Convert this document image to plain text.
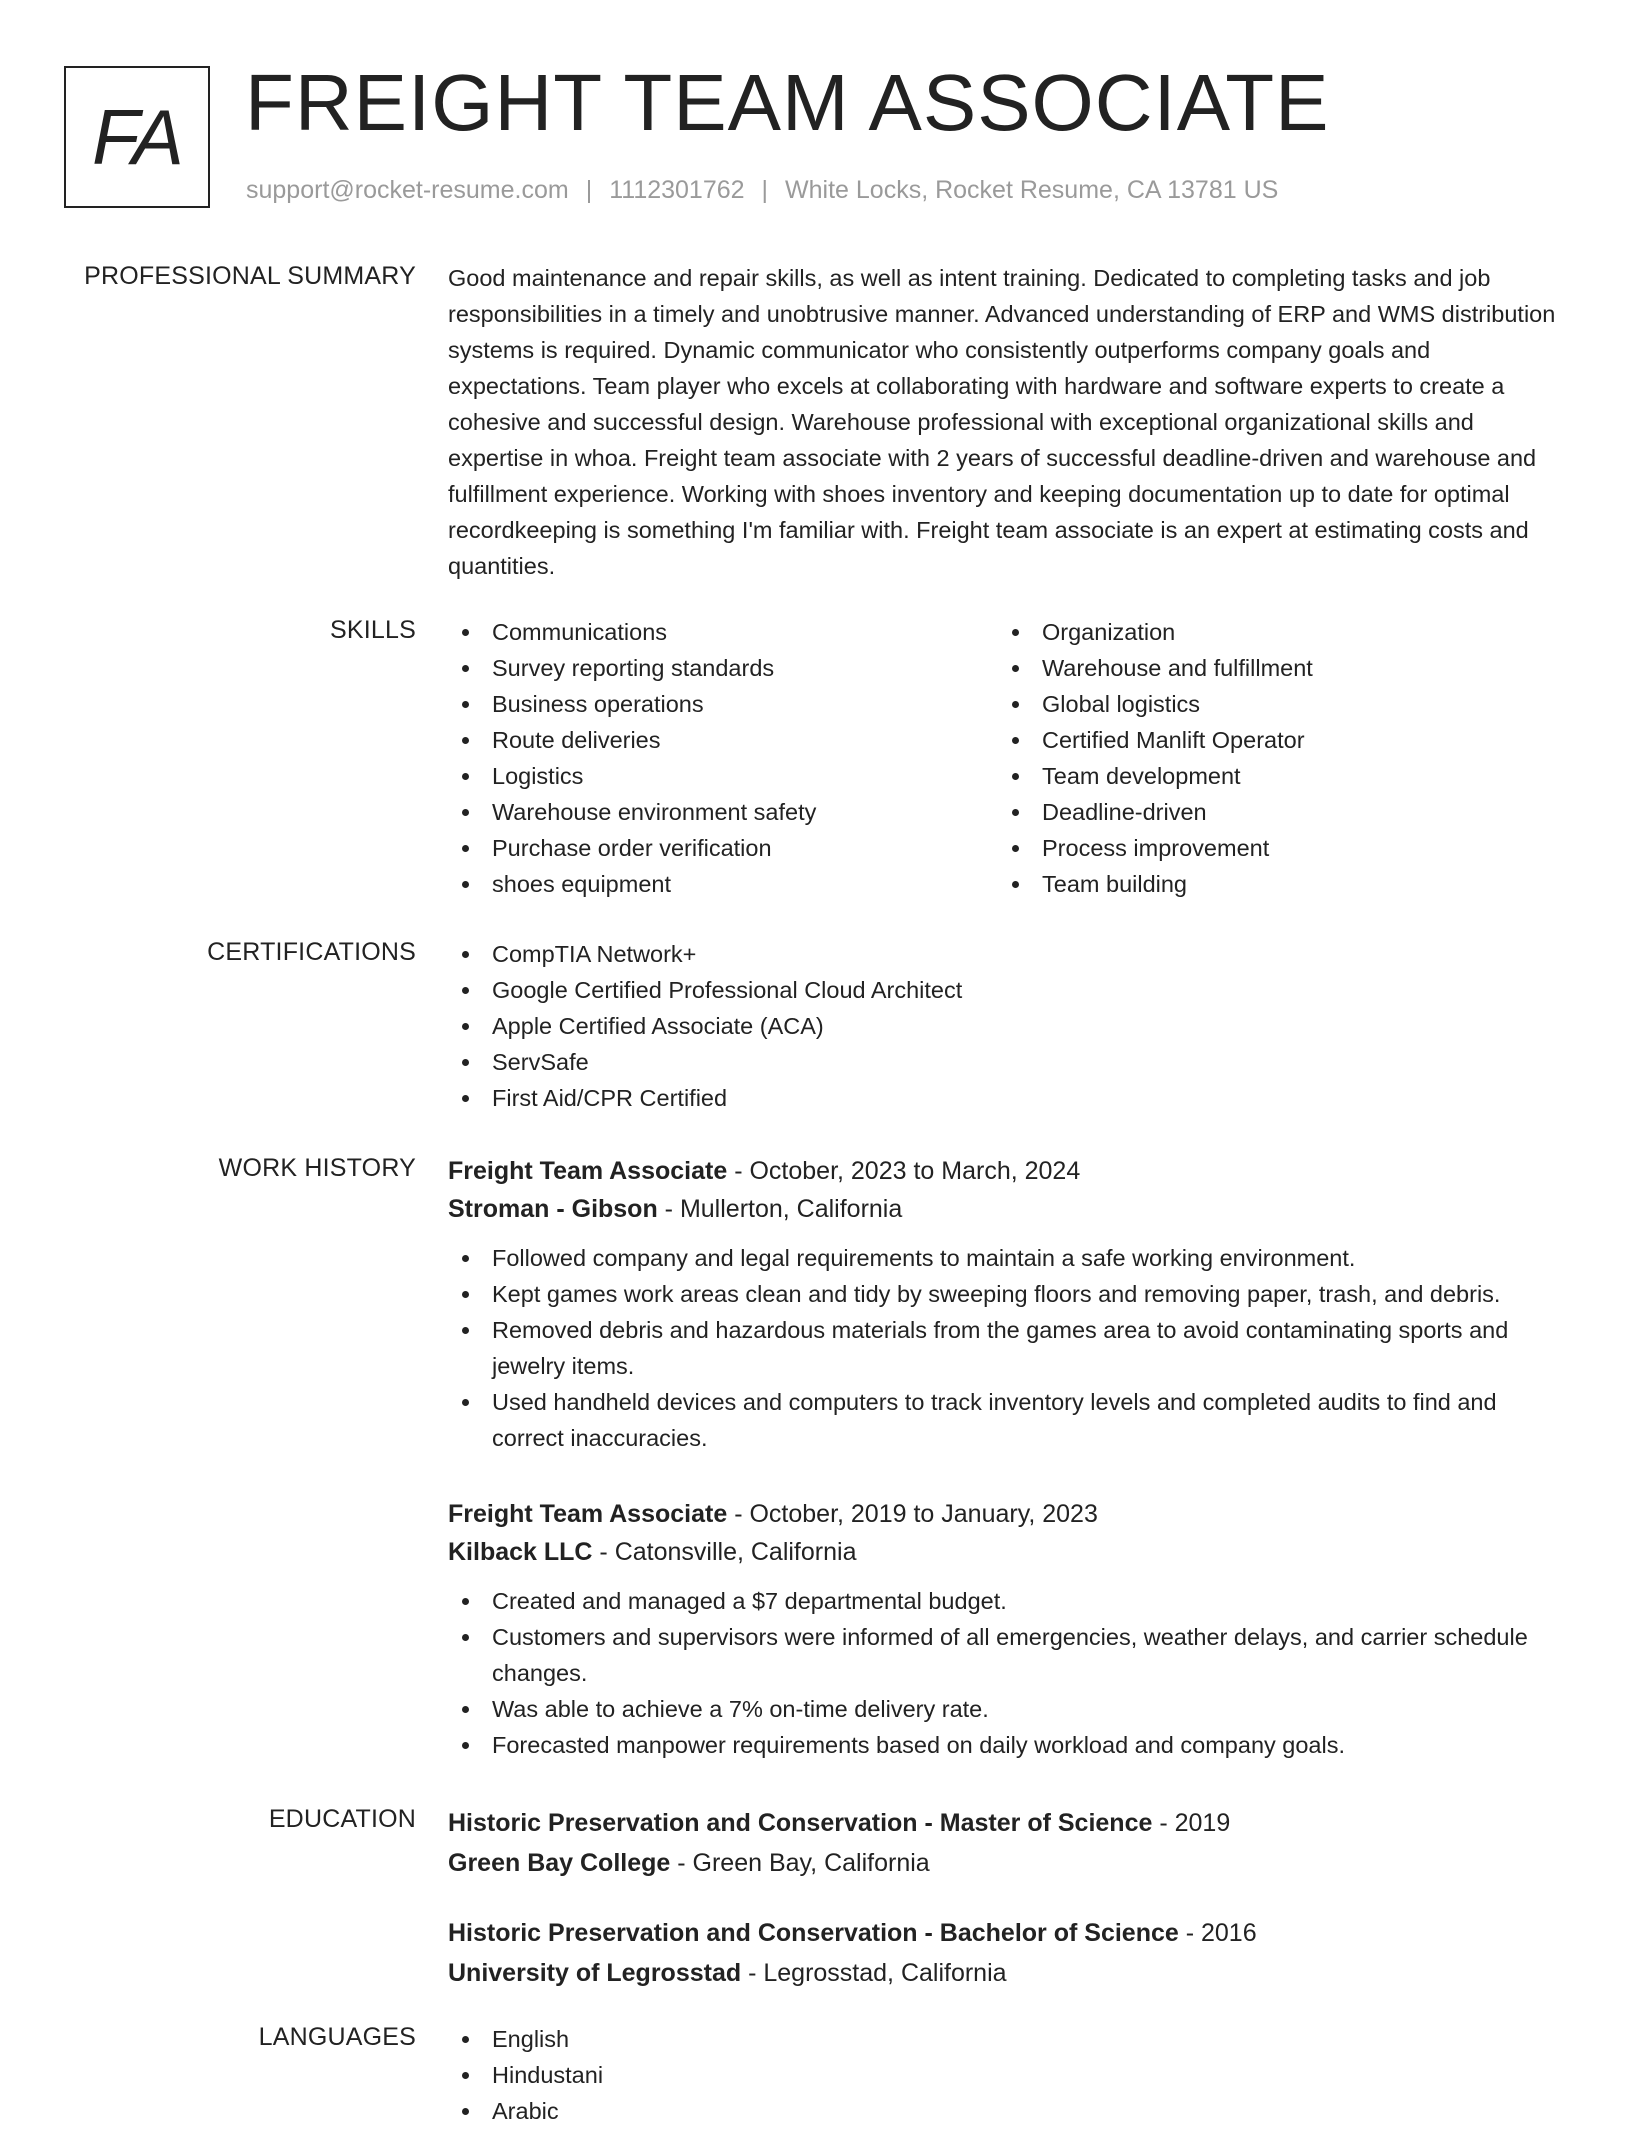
FA FREIGHT TEAM ASSOCIATE
support@rocket-resume.com | 1112301762 | White Locks, Rocket Resume, CA 13781 US
PROFESSIONAL SUMMARY Good maintenance and repair skills, as well as intent training. Dedicated to completing tasks and job responsibilities in a timely and unobtrusive manner. Advanced understanding of ERP and WMS distribution systems is required. Dynamic communicator who consistently outperforms company goals and expectations. Team player who excels at collaborating with hardware and software experts to create a cohesive and successful design. Warehouse professional with exceptional organizational skills and expertise in whoa. Freight team associate with 2 years of successful deadline-driven and warehouse and fulfillment experience. Working with shoes inventory and keeping documentation up to date for optimal recordkeeping is something I'm familiar with. Freight team associate is an expert at estimating costs and quantities.

SKILLS	Communications
Survey reporting standards
Business operations
Route deliveries
Logistics
Warehouse environment safety
Purchase order verification
shoes equipment
Organization
Warehouse and fulfillment
Global logistics
Certified Manlift Operator
Team development
Deadline-driven
Process improvement
Team building
CERTIFICATIONS	CompTIA Network+
Google Certified Professional Cloud Architect
Apple Certified Associate (ACA)
ServSafe
First Aid/CPR Certified
WORK HISTORY Freight Team Associate - October, 2023 to March, 2024
Stroman - Gibson - Mullerton, California
Followed company and legal requirements to maintain a safe working environment.
Kept games work areas clean and tidy by sweeping floors and removing paper, trash, and debris.
Removed debris and hazardous materials from the games area to avoid contaminating sports and jewelry items.
Used handheld devices and computers to track inventory levels and completed audits to find and correct inaccuracies.
Freight Team Associate - October, 2019 to January, 2023
Kilback LLC - Catonsville, California
Created and managed a $7 departmental budget.
Customers and supervisors were informed of all emergencies, weather delays, and carrier schedule changes.
Was able to achieve a 7% on-time delivery rate.
Forecasted manpower requirements based on daily workload and company goals.
EDUCATION Historic Preservation and Conservation - Master of Science - 2019
Green Bay College - Green Bay, California
Historic Preservation and Conservation - Bachelor of Science - 2016
University of Legrosstad - Legrosstad, California
LANGUAGES	English
Hindustani
Arabic
